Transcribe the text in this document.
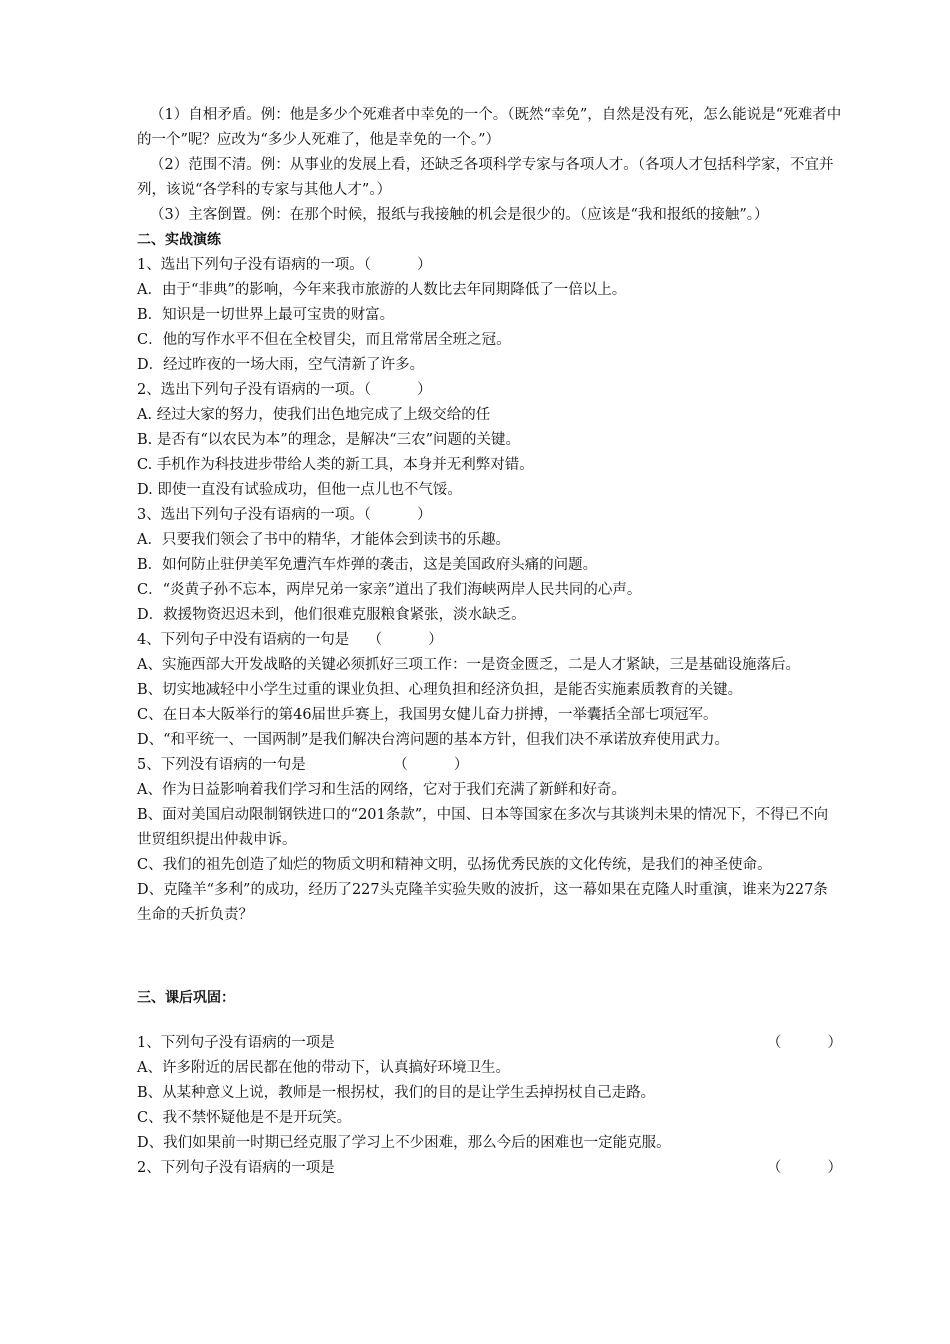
（1）自相矛盾。例：他是多少个死难者中幸免的一个。（既然“幸免”，自然是没有死，怎么能说是“死难者中的一个”呢？应改为“多少人死难了，他是幸免的一个。”）

（2）范围不清。例：从事业的发展上看，还缺乏各项科学专家与各项人才。（各项人才包括科学家，不宜并列，该说“各学科的专家与其他人才”。）

（3）主客倒置。例：在那个时候，报纸与我接触的机会是很少的。（应该是“我和报纸的接触”。）

二、实战演练

1、选出下列句子没有语病的一项。（          ）

A．由于“非典”的影响，今年来我市旅游的人数比去年同期降低了一倍以上。

B．知识是一切世界上最可宝贵的财富。

C．他的写作水平不但在全校冒尖，而且常常居全班之冠。

D．经过昨夜的一场大雨，空气清新了许多。

2、选出下列句子没有语病的一项。（          ）

A. 经过大家的努力，使我们出色地完成了上级交给的任

B. 是否有“以农民为本”的理念，是解决“三农”问题的关键。

C. 手机作为科技进步带给人类的新工具，本身并无利弊对错。

D. 即使一直没有试验成功，但他一点儿也不气馁。

3、选出下列句子没有语病的一项。（          ）

A．只要我们领会了书中的精华，才能体会到读书的乐趣。

B．如何防止驻伊美军免遭汽车炸弹的袭击，这是美国政府头痛的问题。

C．“炎黄子孙不忘本，两岸兄弟一家亲”道出了我们海峡两岸人民共同的心声。

D．救援物资迟迟未到，他们很难克服粮食紧张，淡水缺乏。

4、下列句子中没有语病的一句是    （          ）

A、实施西部大开发战略的关键必须抓好三项工作：一是资金匮乏，二是人才紧缺，三是基础设施落后。

B、切实地减轻中小学生过重的课业负担、心理负担和经济负担，是能否实施素质教育的关键。

C、在日本大阪举行的第46届世乒赛上，我国男女健儿奋力拼搏，一举囊括全部七项冠军。

D、“和平统一、一国两制”是我们解决台湾问题的基本方针，但我们决不承诺放弃使用武力。

5、下列没有语病的一句是                   （          ）

A、作为日益影响着我们学习和生活的网络，它对于我们充满了新鲜和好奇。

B、面对美国启动限制钢铁进口的“201条款”，中国、日本等国家在多次与其谈判未果的情况下，不得已不向世贸组织提出仲裁申诉。

C、我们的祖先创造了灿烂的物质文明和精神文明，弘扬优秀民族的文化传统，是我们的神圣使命。

D、克隆羊“多利”的成功，经历了227头克隆羊实验失败的波折，这一幕如果在克隆人时重演，谁来为227条生命的夭折负责？

三、课后巩固：

1、下列句子没有语病的一项是	（          ）

A、许多附近的居民都在他的带动下，认真搞好环境卫生。

B、从某种意义上说，教师是一根拐杖，我们的目的是让学生丢掉拐杖自己走路。

C、我不禁怀疑他是不是开玩笑。

D、我们如果前一时期已经克服了学习上不少困难，那么今后的困难也一定能克服。

2、下列句子没有语病的一项是	（          ）
